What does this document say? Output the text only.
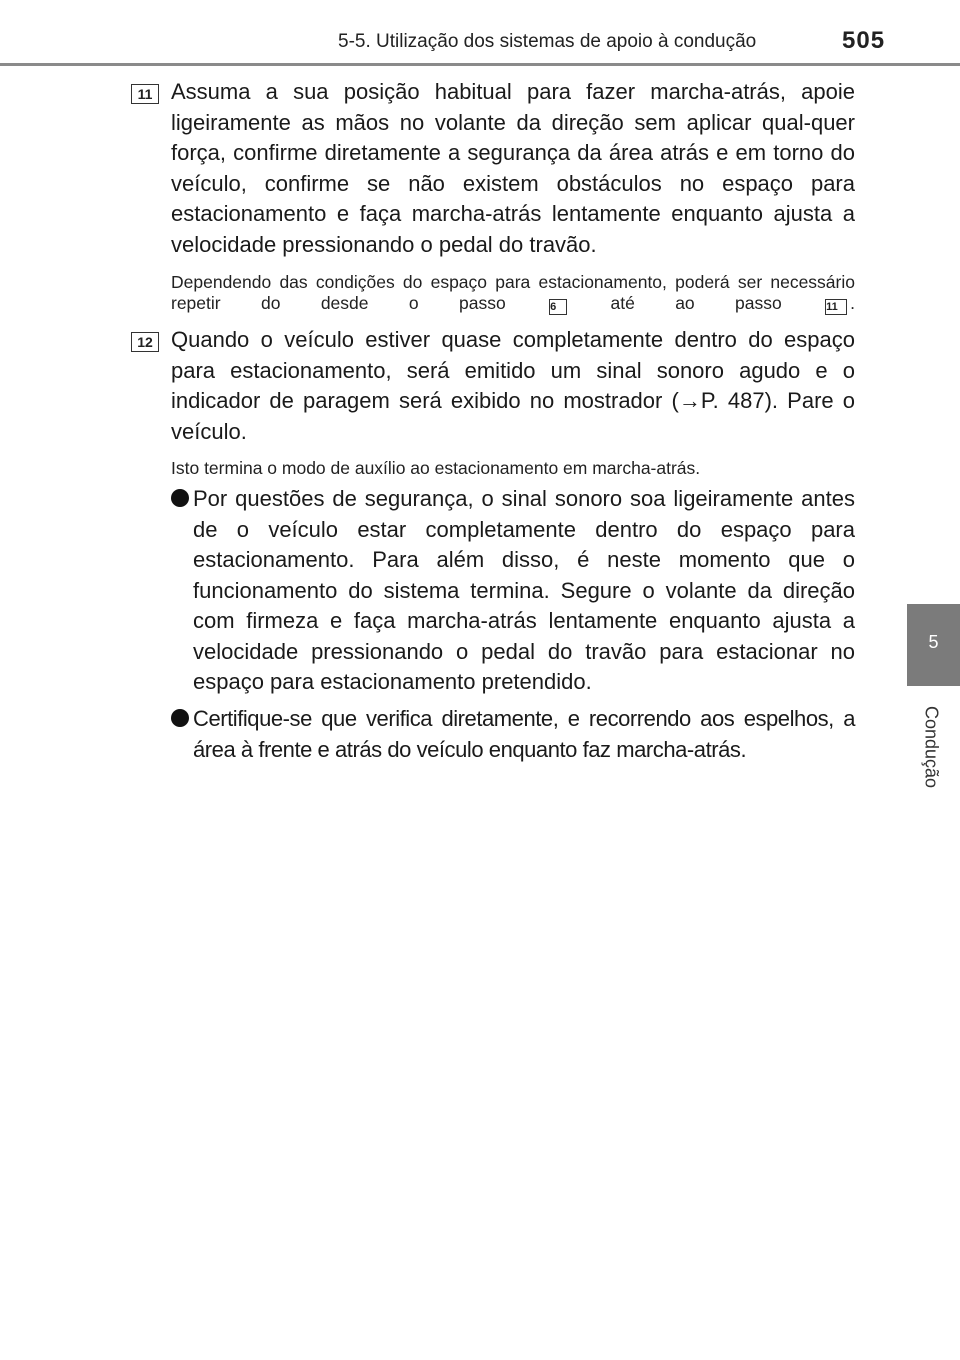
5-5. Utilização dos sistemas de apoio à condução	505
5
Condução
11 Assuma a sua posição habitual para fazer marcha-atrás, apoie ligeiramente as mãos no volante da direção sem aplicar qual-quer força, confirme diretamente a segurança da área atrás e em torno do veículo, confirme se não existem obstáculos no espaço para estacionamento e faça marcha-atrás lentamente enquanto ajusta a velocidade pressionando o pedal do travão.
Dependendo das condições do espaço para estacionamento, poderá ser necessário repetir do desde o passo	6	até ao passo	11 .
12 Quando o veículo estiver quase completamente dentro do espaço para estacionamento, será emitido um sinal sonoro agudo e o indicador de paragem será exibido no mostrador (→P. 487). Pare o veículo.
Isto termina o modo de auxílio ao estacionamento em marcha-atrás.
Por questões de segurança, o sinal sonoro soa ligeiramente antes de o veículo estar completamente dentro do espaço para estacionamento. Para além disso, é neste momento que o funcionamento do sistema termina. Segure o volante da direção com firmeza e faça marcha-atrás lentamente enquanto ajusta a velocidade pressionando o pedal do travão para estacionar no espaço para estacionamento pretendido.
Certifique-se que verifica diretamente, e recorrendo aos espelhos, a área à frente e atrás do veículo enquanto faz marcha-atrás.
